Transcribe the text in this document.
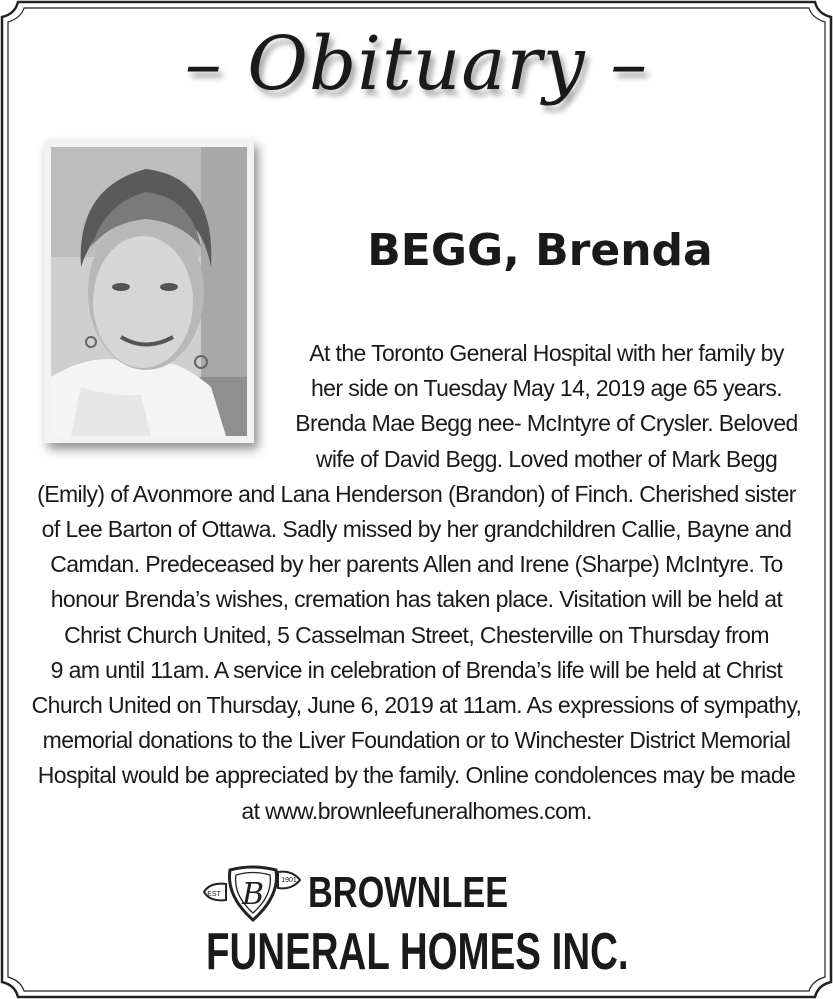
– Obituary –
BEGG, Brenda
At the Toronto General Hospital with her family by
her side on Tuesday May 14, 2019 age 65 years.
Brenda Mae Begg nee- McIntyre of Crysler. Beloved
wife of David Begg. Loved mother of Mark Begg
(Emily) of Avonmore and Lana Henderson (Brandon) of Finch. Cherished sister
of Lee Barton of Ottawa. Sadly missed by her grandchildren Callie, Bayne and
Camdan. Predeceased by her parents Allen and Irene (Sharpe) McIntyre. To
honour Brenda’s wishes, cremation has taken place. Visitation will be held at
Christ Church United, 5 Casselman Street, Chesterville on Thursday from
9 am until 11am. A service in celebration of Brenda’s life will be held at Christ
Church United on Thursday, June 6, 2019 at 11am. As expressions of sympathy,
memorial donations to the Liver Foundation or to Winchester District Memorial
Hospital would be appreciated by the family. Online condolences may be made
at www.brownleefuneralhomes.com.
B
EST
1901 BROWNLEE
FUNERAL HOMES INC.
